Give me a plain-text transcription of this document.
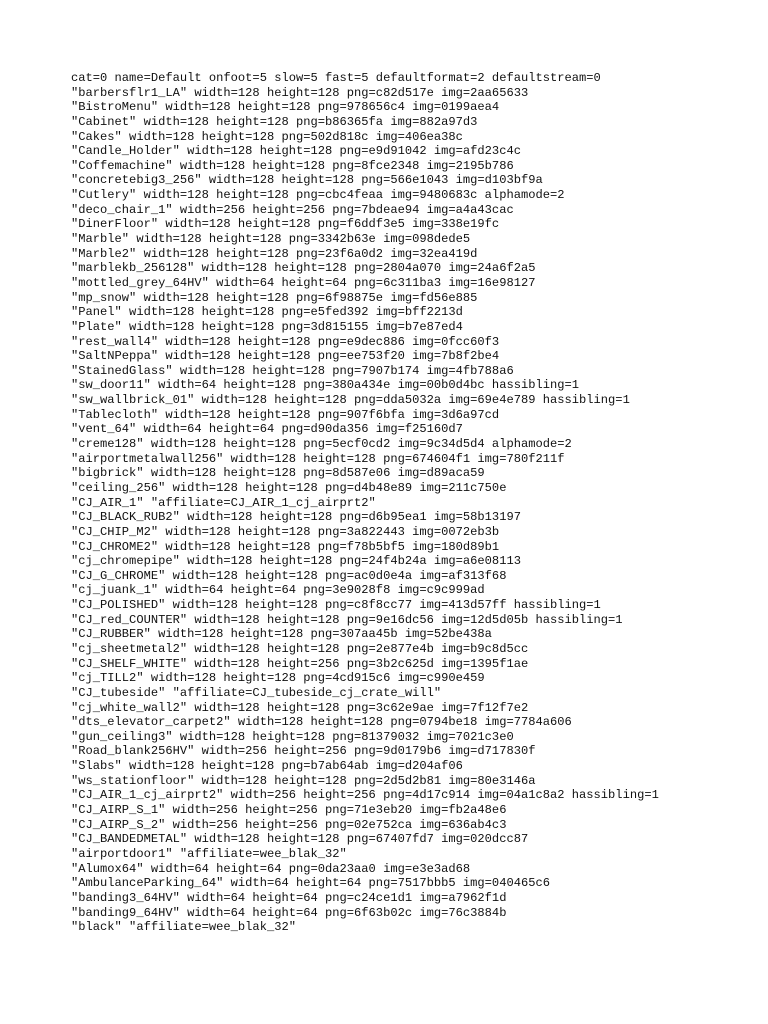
cat=0 name=Default onfoot=5 slow=5 fast=5 defaultformat=2 defaultstream=0
"barbersflr1_LA" width=128 height=128 png=c82d517e img=2aa65633
"BistroMenu" width=128 height=128 png=978656c4 img=0199aea4
"Cabinet" width=128 height=128 png=b86365fa img=882a97d3
"Cakes" width=128 height=128 png=502d818c img=406ea38c
"Candle_Holder" width=128 height=128 png=e9d91042 img=afd23c4c
"Coffemachine" width=128 height=128 png=8fce2348 img=2195b786
"concretebig3_256" width=128 height=128 png=566e1043 img=d103bf9a
"Cutlery" width=128 height=128 png=cbc4feaa img=9480683c alphamode=2
"deco_chair_1" width=256 height=256 png=7bdeae94 img=a4a43cac
"DinerFloor" width=128 height=128 png=f6ddf3e5 img=338e19fc
"Marble" width=128 height=128 png=3342b63e img=098dede5
"Marble2" width=128 height=128 png=23f6a0d2 img=32ea419d
"marblekb_256128" width=128 height=128 png=2804a070 img=24a6f2a5
"mottled_grey_64HV" width=64 height=64 png=6c311ba3 img=16e98127
"mp_snow" width=128 height=128 png=6f98875e img=fd56e885
"Panel" width=128 height=128 png=e5fed392 img=bff2213d
"Plate" width=128 height=128 png=3d815155 img=b7e87ed4
"rest_wall4" width=128 height=128 png=e9dec886 img=0fcc60f3
"SaltNPeppa" width=128 height=128 png=ee753f20 img=7b8f2be4
"StainedGlass" width=128 height=128 png=7907b174 img=4fb788a6
"sw_door11" width=64 height=128 png=380a434e img=00b0d4bc hassibling=1
"sw_wallbrick_01" width=128 height=128 png=dda5032a img=69e4e789 hassibling=1
"Tablecloth" width=128 height=128 png=907f6bfa img=3d6a97cd
"vent_64" width=64 height=64 png=d90da356 img=f25160d7
"creme128" width=128 height=128 png=5ecf0cd2 img=9c34d5d4 alphamode=2
"airportmetalwall256" width=128 height=128 png=674604f1 img=780f211f
"bigbrick" width=128 height=128 png=8d587e06 img=d89aca59
"ceiling_256" width=128 height=128 png=d4b48e89 img=211c750e
"CJ_AIR_1" "affiliate=CJ_AIR_1_cj_airprt2"
"CJ_BLACK_RUB2" width=128 height=128 png=d6b95ea1 img=58b13197
"CJ_CHIP_M2" width=128 height=128 png=3a822443 img=0072eb3b
"CJ_CHROME2" width=128 height=128 png=f78b5bf5 img=180d89b1
"cj_chromepipe" width=128 height=128 png=24f4b24a img=a6e08113
"CJ_G_CHROME" width=128 height=128 png=ac0d0e4a img=af313f68
"cj_juank_1" width=64 height=64 png=3e9028f8 img=c9c999ad
"CJ_POLISHED" width=128 height=128 png=c8f8cc77 img=413d57ff hassibling=1
"CJ_red_COUNTER" width=128 height=128 png=9e16dc56 img=12d5d05b hassibling=1
"CJ_RUBBER" width=128 height=128 png=307aa45b img=52be438a
"cj_sheetmetal2" width=128 height=128 png=2e877e4b img=b9c8d5cc
"CJ_SHELF_WHITE" width=128 height=256 png=3b2c625d img=1395f1ae
"cj_TILL2" width=128 height=128 png=4cd915c6 img=c990e459
"CJ_tubeside" "affiliate=CJ_tubeside_cj_crate_will"
"cj_white_wall2" width=128 height=128 png=3c62e9ae img=7f12f7e2
"dts_elevator_carpet2" width=128 height=128 png=0794be18 img=7784a606
"gun_ceiling3" width=128 height=128 png=81379032 img=7021c3e0
"Road_blank256HV" width=256 height=256 png=9d0179b6 img=d717830f
"Slabs" width=128 height=128 png=b7ab64ab img=d204af06
"ws_stationfloor" width=128 height=128 png=2d5d2b81 img=80e3146a
"CJ_AIR_1_cj_airprt2" width=256 height=256 png=4d17c914 img=04a1c8a2 hassibling=1
"CJ_AIRP_S_1" width=256 height=256 png=71e3eb20 img=fb2a48e6
"CJ_AIRP_S_2" width=256 height=256 png=02e752ca img=636ab4c3
"CJ_BANDEDMETAL" width=128 height=128 png=67407fd7 img=020dcc87
"airportdoor1" "affiliate=wee_blak_32"
"Alumox64" width=64 height=64 png=0da23aa0 img=e3e3ad68
"AmbulanceParking_64" width=64 height=64 png=7517bbb5 img=040465c6
"banding3_64HV" width=64 height=64 png=c24ce1d1 img=a7962f1d
"banding9_64HV" width=64 height=64 png=6f63b02c img=76c3884b
"black" "affiliate=wee_blak_32"
